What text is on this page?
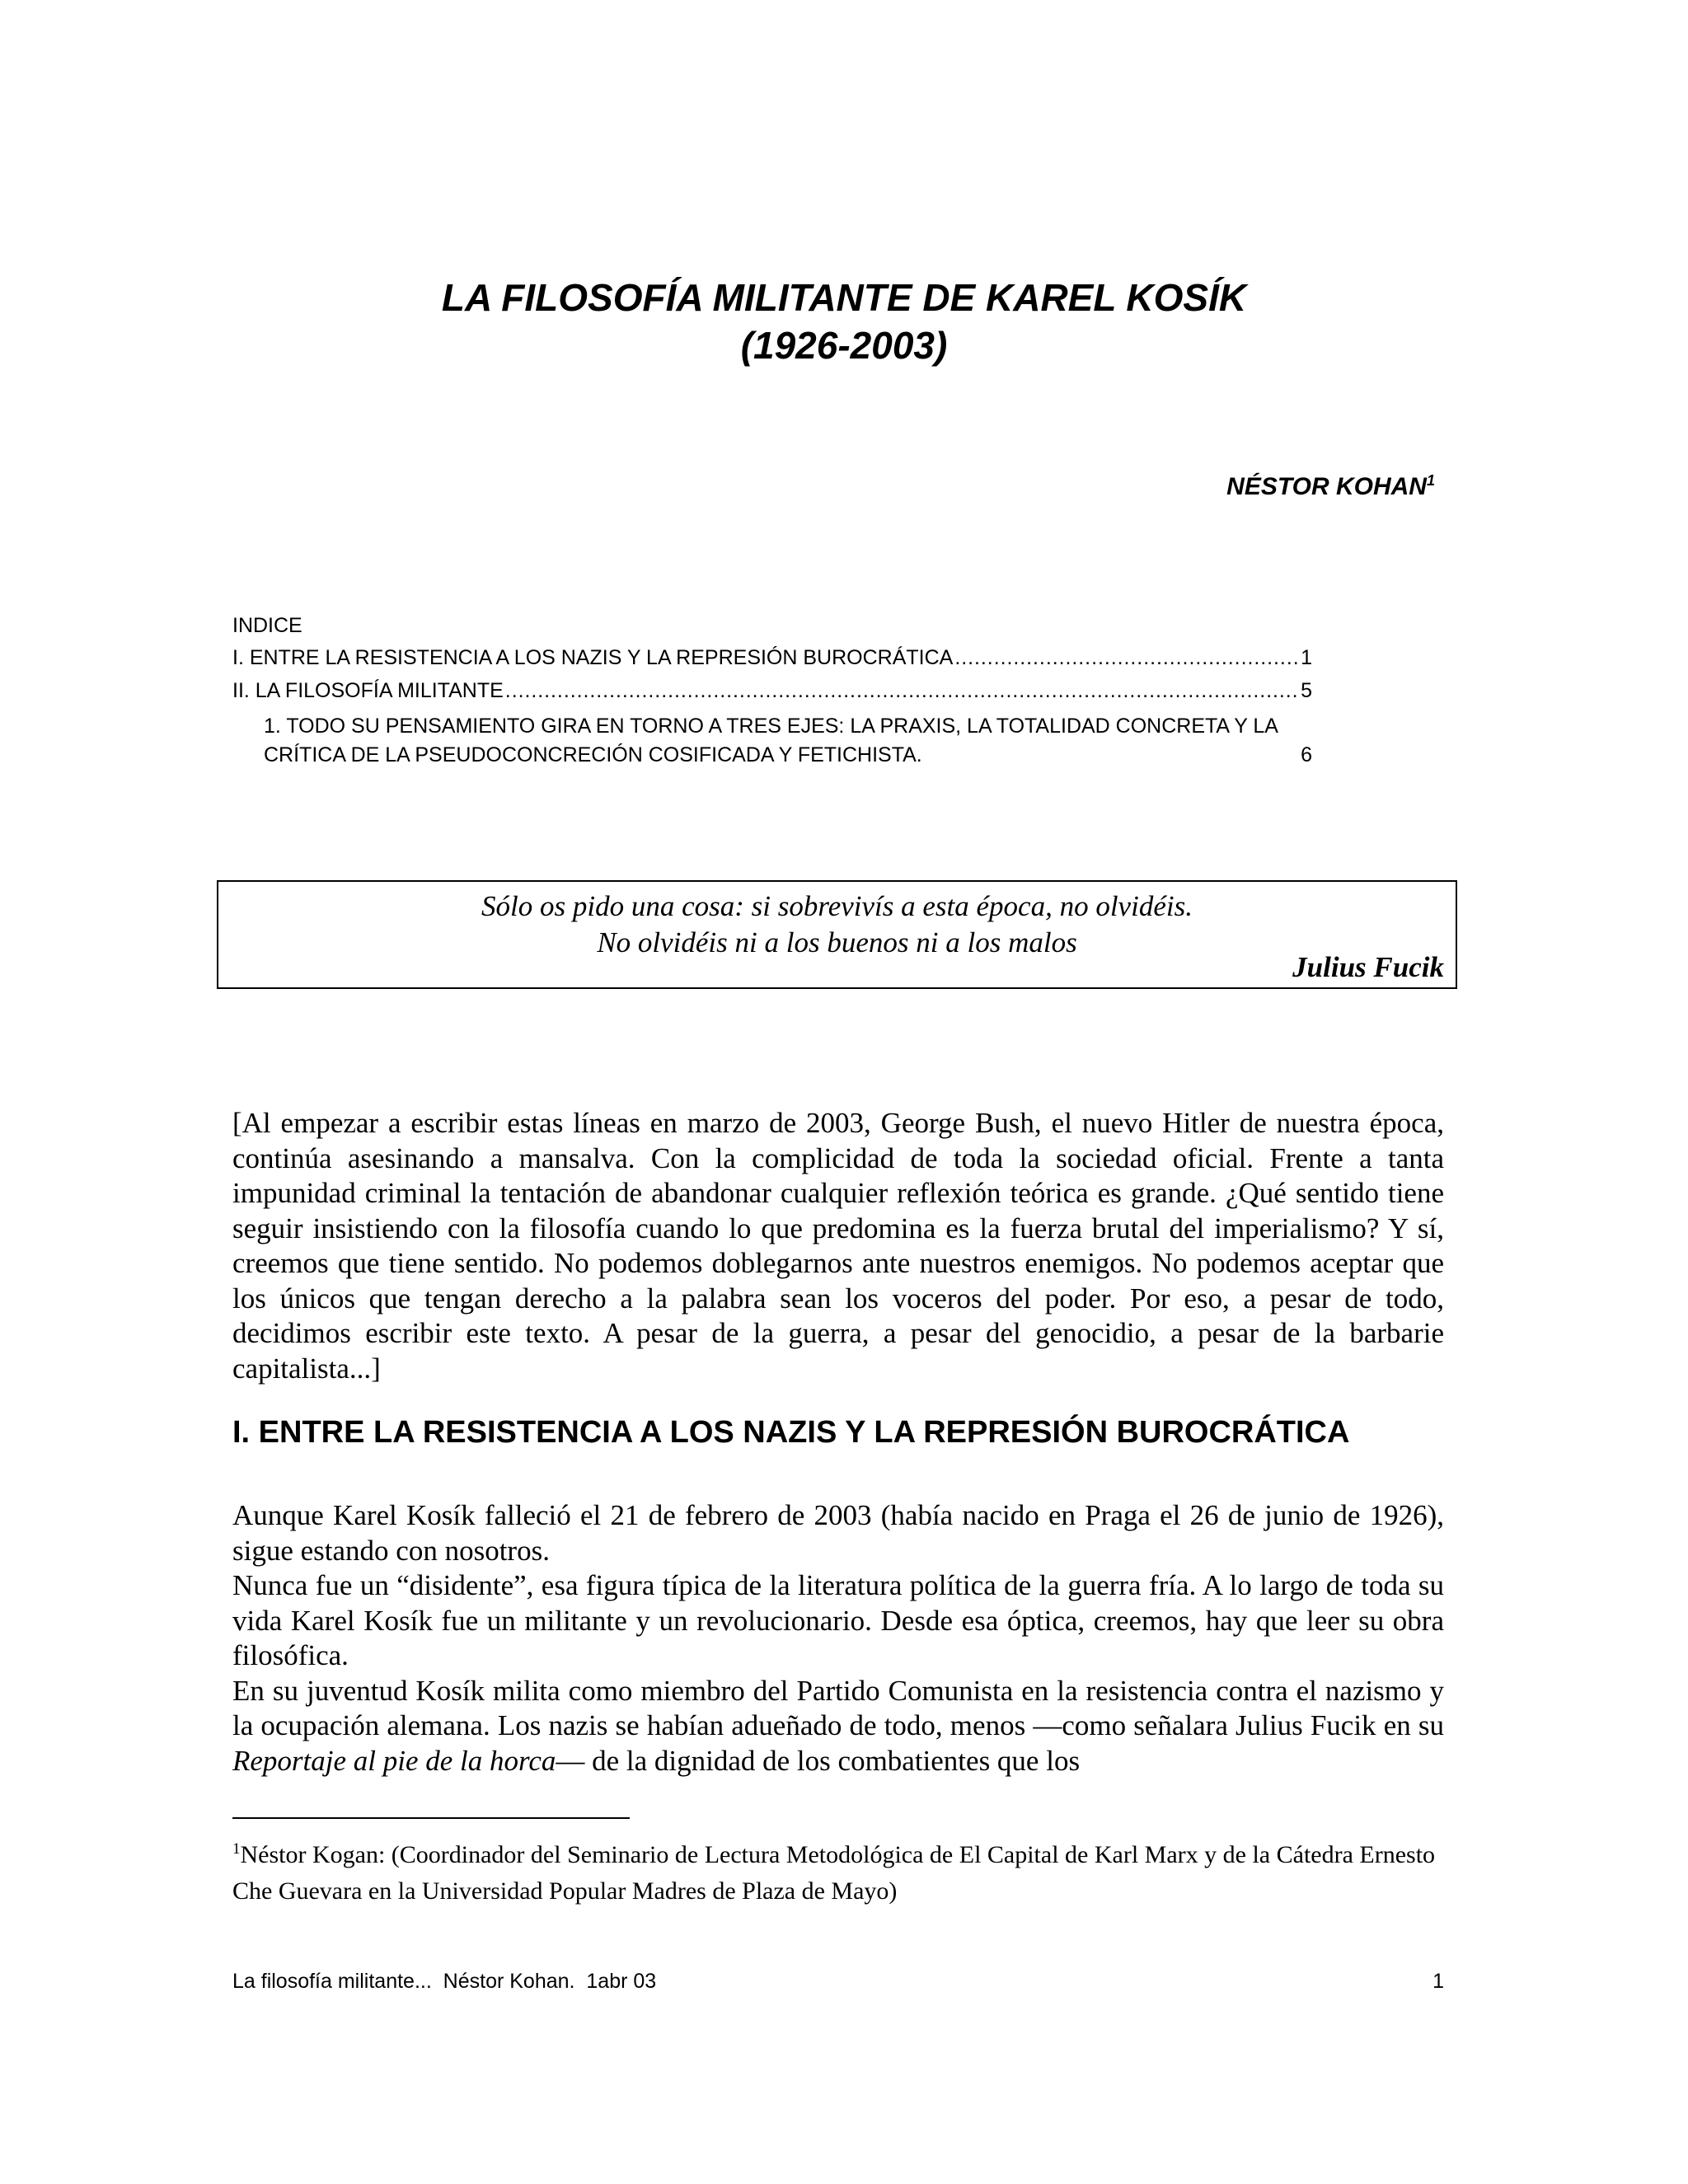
LA FILOSOFÍA MILITANTE DE KAREL KOSÍK
(1926-2003)
NÉSTOR KOHAN$^1$
INDICE
I. ENTRE LA RESISTENCIA A LOS NAZIS Y LA REPRESIÓN BUROCRÁTICA . . .	1
II. LA FILOSOFÍA MILITANTE . . .	5
1. TODO SU PENSAMIENTO GIRA EN TORNO A TRES EJES: LA PRAXIS, LA TOTALIDAD CONCRETA Y LA
CRÍTICA DE LA PSEUDOCONCRECIÓN COSIFICADA Y FETICHISTA.	6
Sólo os pido una cosa: si sobrevivís a esta época, no olvidéis.
No olvidéis ni a los buenos ni a los malos
Julius Fucik

[Al empezar a escribir estas líneas en marzo de 2003, George Bush, el nuevo Hitler de nuestra época, continúa asesinando a mansalva. Con la complicidad de toda la sociedad oficial. Frente a tanta impunidad criminal la tentación de abandonar cualquier reflexión teórica es grande. ¿Qué sentido tiene seguir insistiendo con la filosofía cuando lo que predomina es la fuerza brutal del imperialismo? Y sí, creemos que tiene sentido. No podemos doblegarnos ante nuestros enemigos. No podemos aceptar que los únicos que tengan derecho a la palabra sean los voceros del poder. Por eso, a pesar de todo, decidimos escribir este texto. A pesar de la guerra, a pesar del genocidio, a pesar de la barbarie capitalista...]

I. ENTRE LA RESISTENCIA A LOS NAZIS Y LA REPRESIÓN BUROCRÁTICA
Aunque Karel Kosík falleció el 21 de febrero de 2003 (había nacido en Praga el 26 de junio de 1926), sigue estando con nosotros.
Nunca fue un “disidente”, esa figura típica de la literatura política de la guerra fría. A lo largo de toda su vida Karel Kosík fue un militante y un revolucionario. Desde esa óptica, creemos, hay que leer su obra filosófica.
En su juventud Kosík milita como miembro del Partido Comunista en la resistencia contra el nazismo y la ocupación alemana. Los nazis se habían adueñado de todo, menos —como señalara Julius Fucik en su Reportaje al pie de la horca— de la dignidad de los combatientes que los

$^1$Néstor Kogan: (Coordinador del Seminario de Lectura Metodológica de El Capital de Karl Marx y de la Cátedra Ernesto Che Guevara en la Universidad Popular Madres de Plaza de Mayo)

La filosofía militante...  Néstor Kohan.  1abr 03	1
